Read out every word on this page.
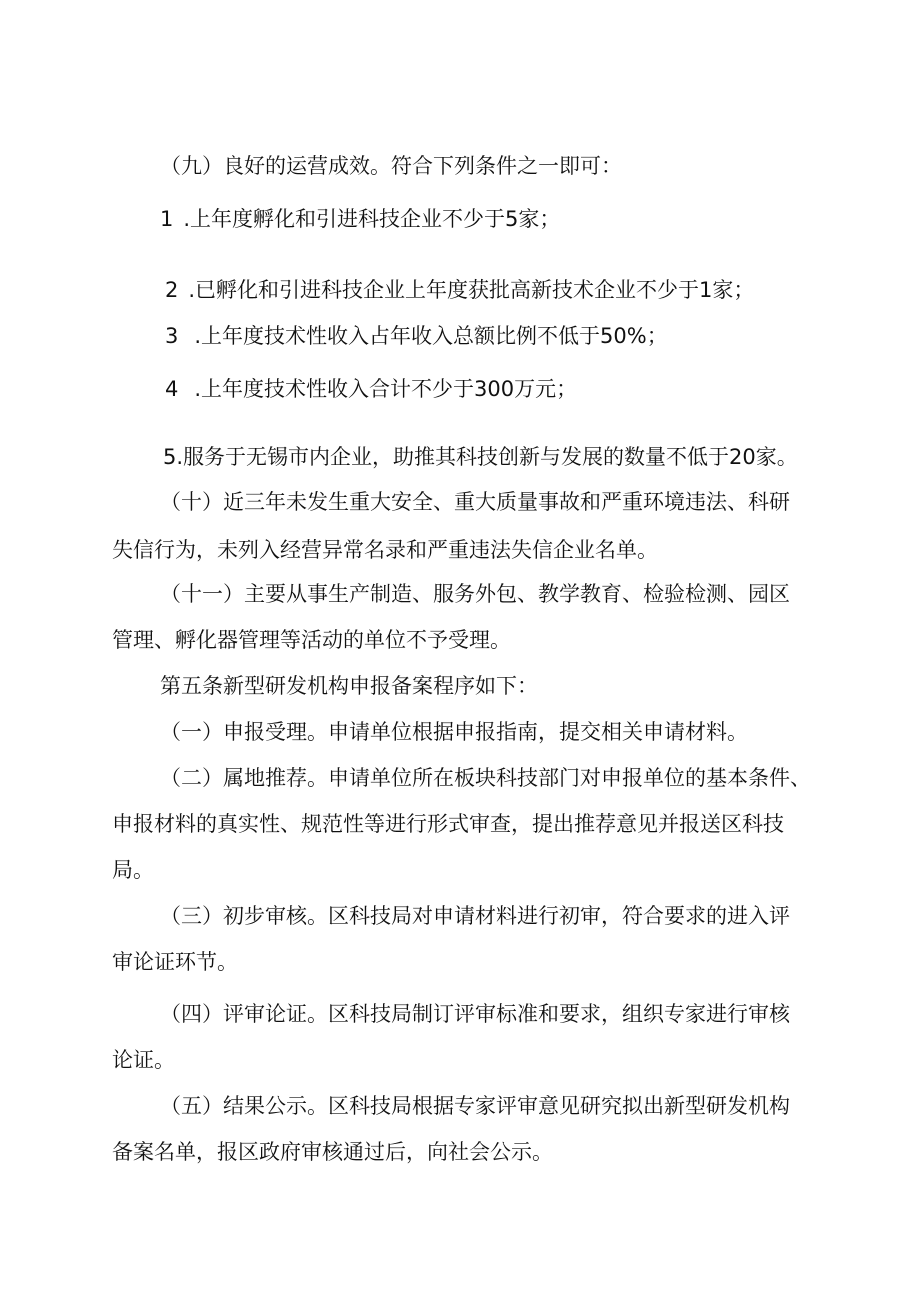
（九）良好的运营成效。符合下列条件之一即可：
1 .上年度孵化和引进科技企业不少于5家；
2 .已孵化和引进科技企业上年度获批高新技术企业不少于1家；
3 .上年度技术性收入占年收入总额比例不低于50%；
4 .上年度技术性收入合计不少于300万元；
5.服务于无锡市内企业，助推其科技创新与发展的数量不低于20家。
（十）近三年未发生重大安全、重大质量事故和严重环境违法、科研
失信行为，未列入经营异常名录和严重违法失信企业名单。
（十一）主要从事生产制造、服务外包、教学教育、检验检测、园区
管理、孵化器管理等活动的单位不予受理。
第五条新型研发机构申报备案程序如下：
（一）申报受理。申请单位根据申报指南，提交相关申请材料。
（二）属地推荐。申请单位所在板块科技部门对申报单位的基本条件、
申报材料的真实性、规范性等进行形式审查，提出推荐意见并报送区科技
局。
（三）初步审核。区科技局对申请材料进行初审，符合要求的进入评
审论证环节。
（四）评审论证。区科技局制订评审标准和要求，组织专家进行审核
论证。
（五）结果公示。区科技局根据专家评审意见研究拟出新型研发机构
备案名单，报区政府审核通过后，向社会公示。
